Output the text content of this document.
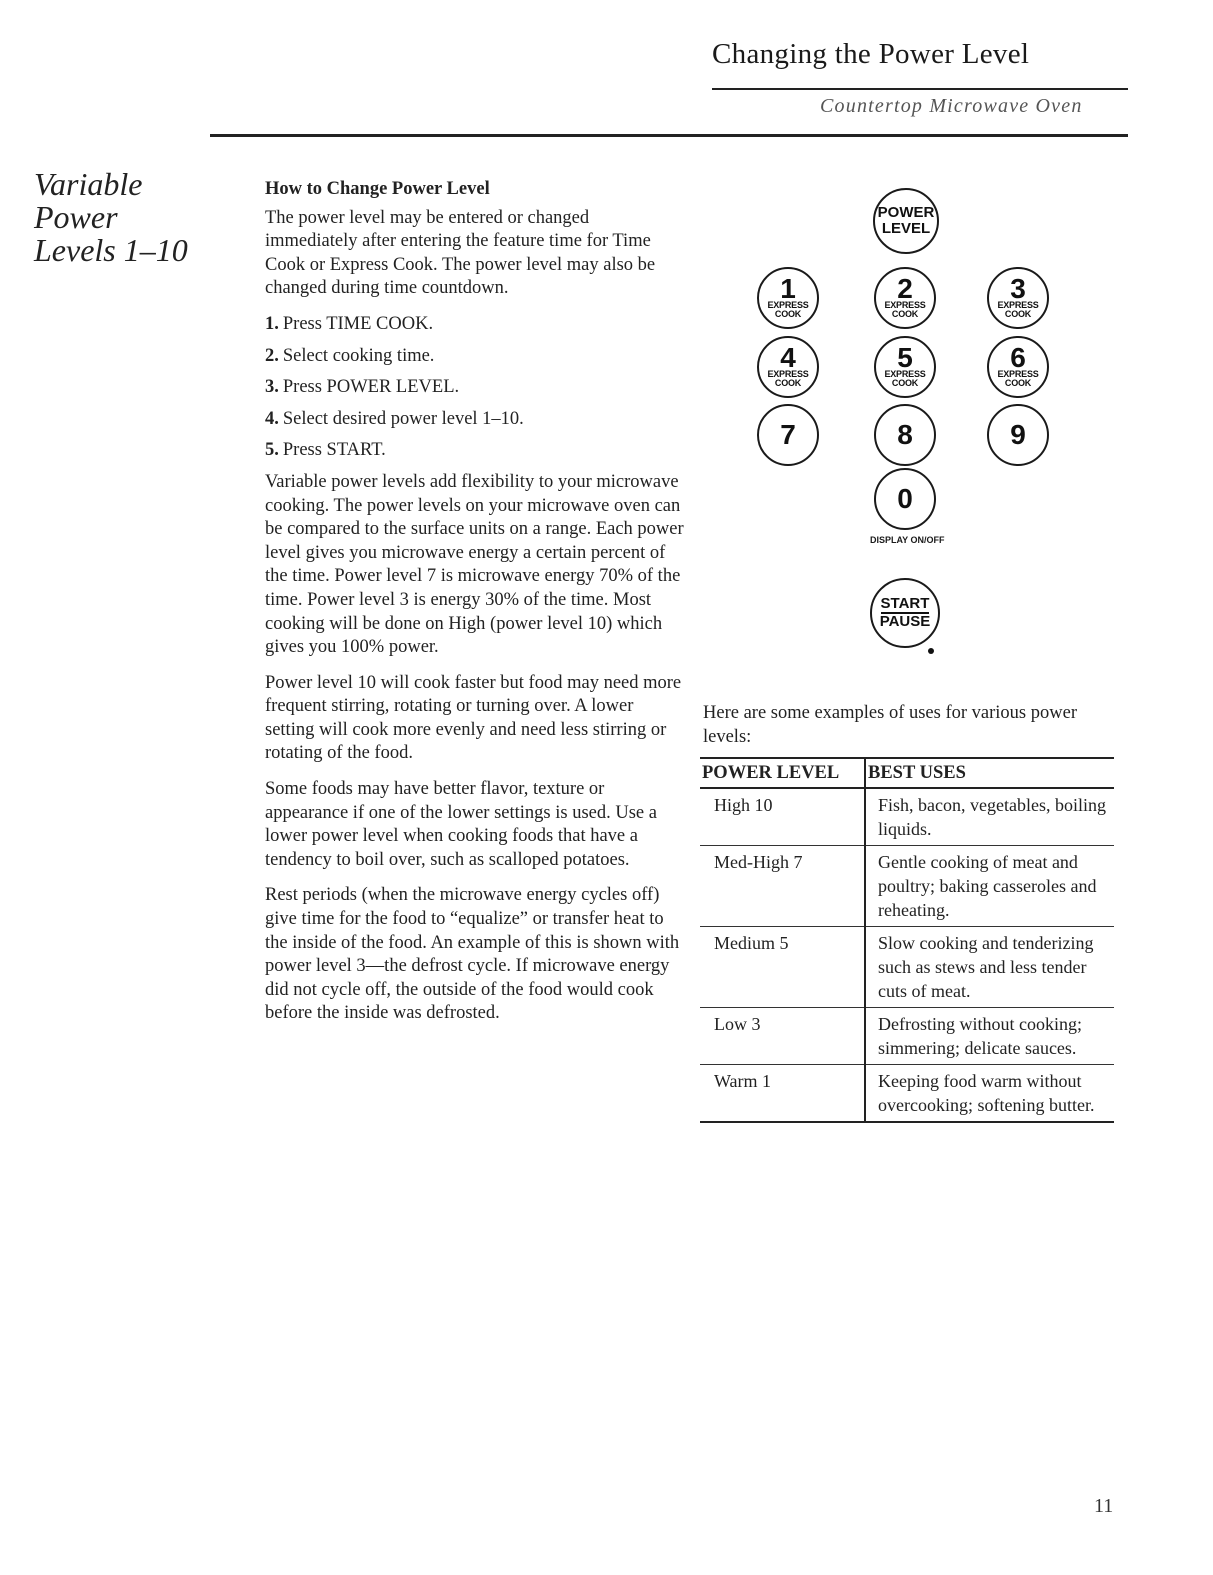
Changing the Power Level
Countertop Microwave Oven
Variable
Power
Levels 1–10
How to Change Power Level

The power level may be entered or changed immediately after entering the feature time for Time Cook or Express Cook. The power level may also be changed during time countdown.

1. Press TIME COOK.
2. Select cooking time.
3. Press POWER LEVEL.
4. Select desired power level 1–10.
5. Press START.

Variable power levels add flexibility to your microwave cooking. The power levels on your microwave oven can be compared to the surface units on a range. Each power level gives you microwave energy a certain percent of the time. Power level 7 is microwave energy 70% of the time. Power level 3 is energy 30% of the time. Most cooking will be done on High (power level 10) which gives you 100% power.

Power level 10 will cook faster but food may need more frequent stirring, rotating or turning over. A lower setting will cook more evenly and need less stirring or rotating of the food.

Some foods may have better flavor, texture or appearance if one of the lower settings is used. Use a lower power level when cooking foods that have a tendency to boil over, such as scalloped potatoes.

Rest periods (when the microwave energy cycles off) give time for the food to “equalize” or transfer heat to the inside of the food. An example of this is shown with power level 3—the defrost cycle. If microwave energy did not cycle off, the outside of the food would cook before the inside was defrosted.

POWER
LEVEL
1
EXPRESS
COOK
2
EXPRESS
COOK
3
EXPRESS
COOK
4
EXPRESS
COOK
5
EXPRESS
COOK
6
EXPRESS
COOK
7	8	9
0
DISPLAY ON/OFF
START
PAUSE
Here are some examples of uses for various power levels:
POWER LEVEL	BEST USES
High 10	Fish, bacon, vegetables, boiling liquids.
Med-High 7	Gentle cooking of meat and poultry; baking casseroles and reheating.
Medium 5	Slow cooking and tenderizing such as stews and less tender cuts of meat.
Low 3	Defrosting without cooking; simmering; delicate sauces.
Warm 1	Keeping food warm without overcooking; softening butter.
11
